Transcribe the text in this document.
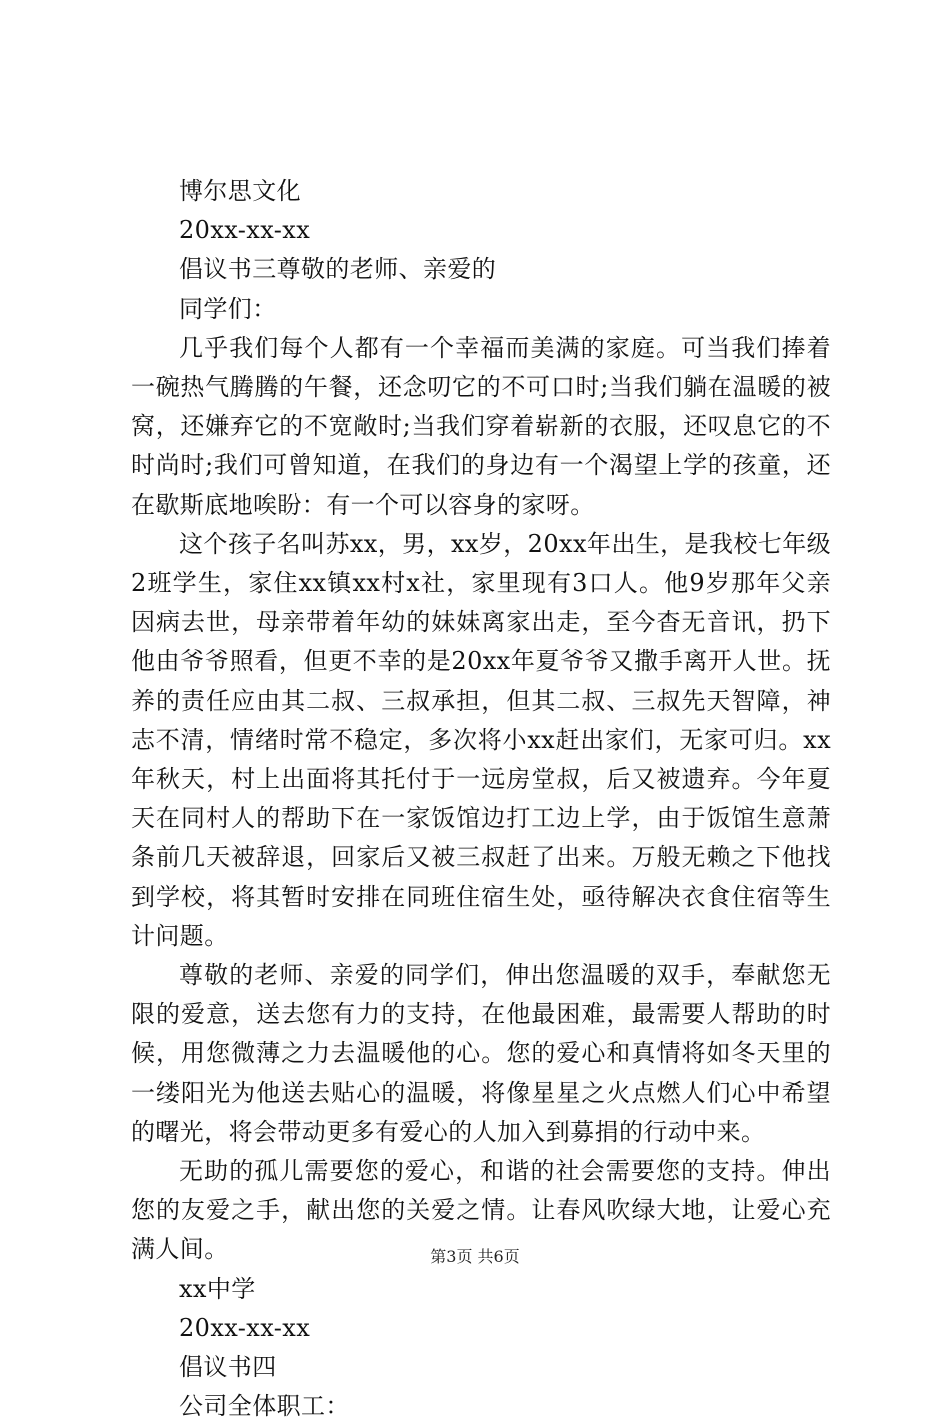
博尔思文化

20xx-xx-xx

倡议书三尊敬的老师、亲爱的

同学们：

几乎我们每个人都有一个幸福而美满的家庭。可当我们捧着一碗热气腾腾的午餐，还念叨它的不可口时;当我们躺在温暖的被窝，还嫌弃它的不宽敞时;当我们穿着崭新的衣服，还叹息它的不时尚时;我们可曾知道，在我们的身边有一个渴望上学的孩童，还在歇斯底地唉盼：有一个可以容身的家呀。

这个孩子名叫苏xx，男，xx岁，20xx年出生，是我校七年级2班学生，家住xx镇xx村x社，家里现有3口人。他9岁那年父亲因病去世，母亲带着年幼的妹妹离家出走，至今杳无音讯，扔下他由爷爷照看，但更不幸的是20xx年夏爷爷又撒手离开人世。抚养的责任应由其二叔、三叔承担，但其二叔、三叔先天智障，神志不清，情绪时常不稳定，多次将小xx赶出家们，无家可归。xx年秋天，村上出面将其托付于一远房堂叔，后又被遗弃。今年夏天在同村人的帮助下在一家饭馆边打工边上学，由于饭馆生意萧条前几天被辞退，回家后又被三叔赶了出来。万般无赖之下他找到学校，将其暂时安排在同班住宿生处，亟待解决衣食住宿等生计问题。

尊敬的老师、亲爱的同学们，伸出您温暖的双手，奉献您无限的爱意，送去您有力的支持，在他最困难，最需要人帮助的时候，用您微薄之力去温暖他的心。您的爱心和真情将如冬天里的一缕阳光为他送去贴心的温暖，将像星星之火点燃人们心中希望的曙光，将会带动更多有爱心的人加入到募捐的行动中来。

无助的孤儿需要您的爱心，和谐的社会需要您的支持。伸出您的友爱之手，献出您的关爱之情。让春风吹绿大地，让爱心充满人间。

xx中学

20xx-xx-xx

倡议书四

公司全体职工：

第3页 共6页
